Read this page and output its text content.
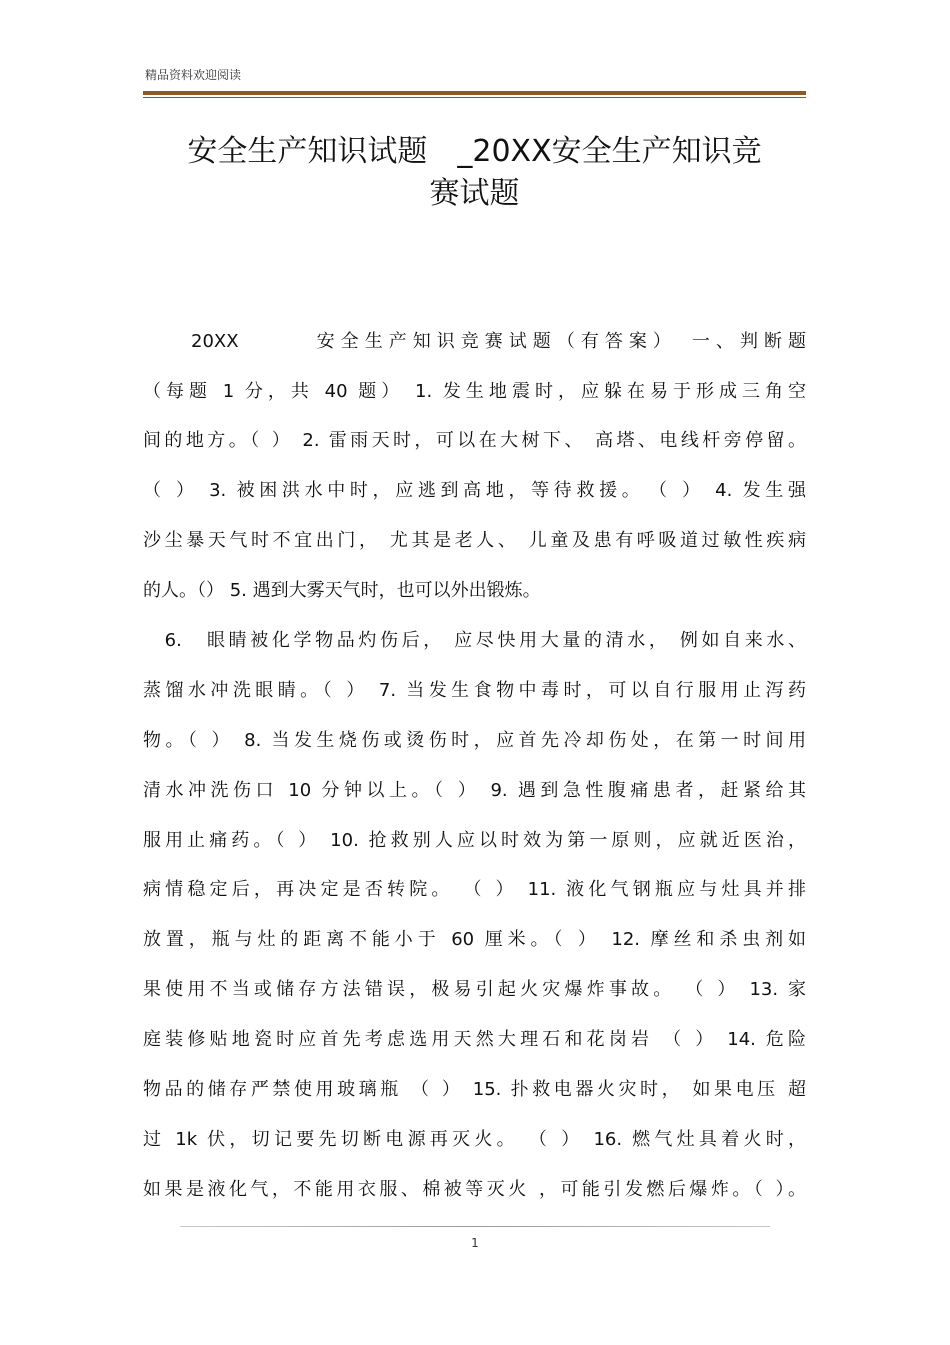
精品资料欢迎阅读
安全生产知识试题　_20XX安全生产知识竞
赛试题
　　20XX　　　安全生产知识竞赛试题（有答案）　一、判断题
（每题 1 分，共 40 题） 1. 发生地震时，应躲在易于形成三角空
间的地方。（ ） 2. 雷雨天时，可以在大树下、 高塔、电线杆旁停留。
（ ） 3. 被困洪水中时，应逃到高地，等待救援。　（ ） 4. 发生强
沙尘暴天气时不宜出门， 尤其是老人、 儿童及患有呼吸道过敏性疾病
的人。（） 5. 遇到大雾天气时，也可以外出锻炼。
　6.　眼睛被化学物品灼伤后， 应尽快用大量的清水， 例如自来水、
蒸馏水冲洗眼睛。（ ） 7. 当发生食物中毒时，可以自行服用止泻药
物。（ ） 8. 当发生烧伤或烫伤时，应首先冷却伤处，在第一时间用
清水冲洗伤口 10 分钟以上。（ ） 9. 遇到急性腹痛患者，赶紧给其
服用止痛药。（ ） 10. 抢救别人应以时效为第一原则，应就近医治，
病情稳定后，再决定是否转院。 （ ） 11. 液化气钢瓶应与灶具并排
放置，瓶与灶的距离不能小于 60 厘米。（ ） 12. 摩丝和杀虫剂如
果使用不当或储存方法错误，极易引起火灾爆炸事故。 （ ） 13. 家
庭装修贴地瓷时应首先考虑选用天然大理石和花岗岩 （ ） 14. 危险
物品的储存严禁使用玻璃瓶 （ ） 15. 扑救电器火灾时， 如果电压 超
过 1k 伏，切记要先切断电源再灭火。 （ ） 16. 燃气灶具着火时，
如果是液化气，不能用衣服、棉被等灭火 ，可能引发燃后爆炸。（ ）。
1
